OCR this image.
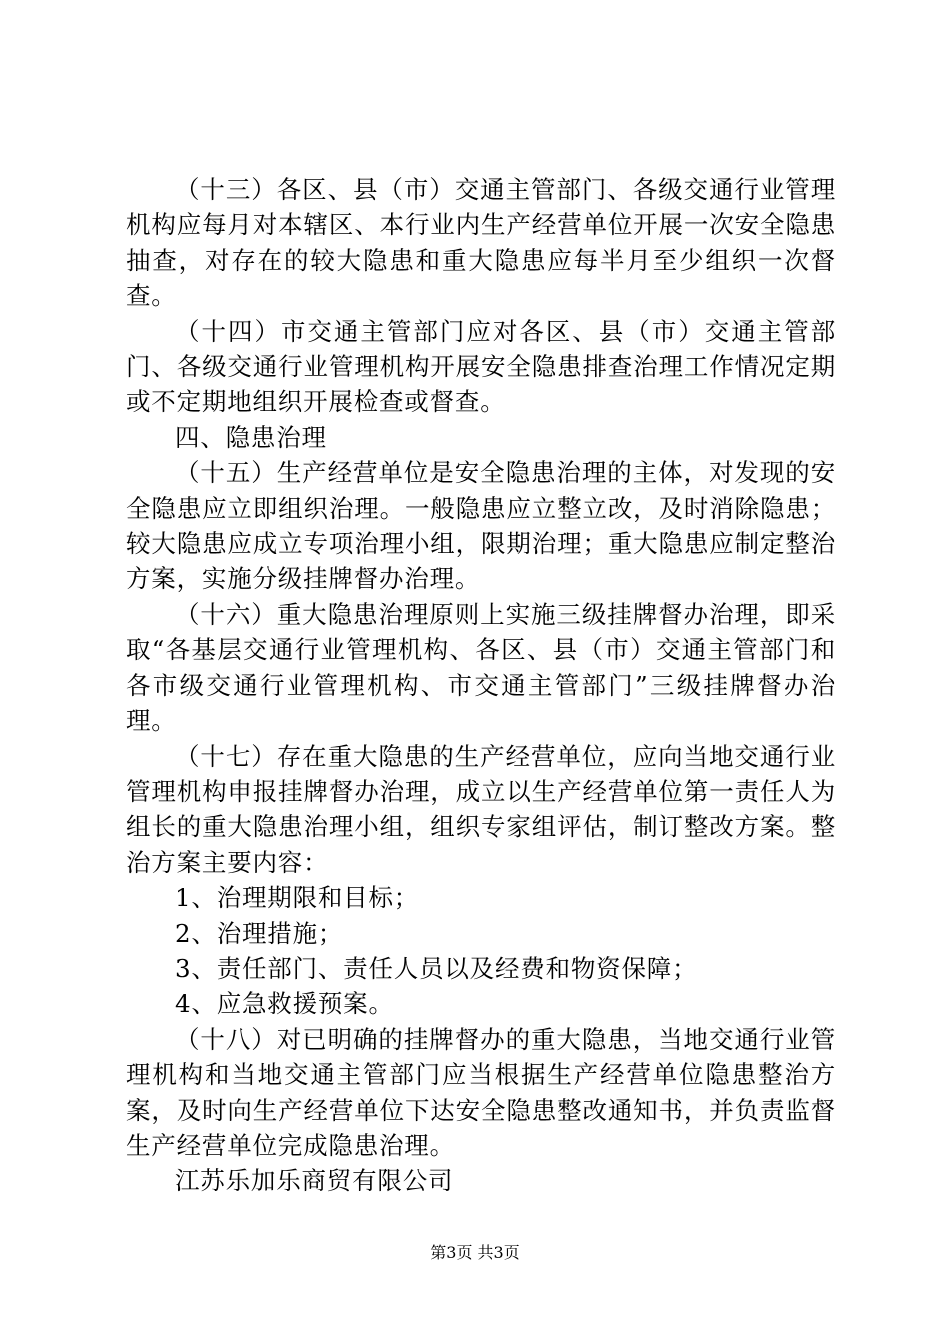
（十三）各区、县（市）交通主管部门、各级交通行业管理机构应每月对本辖区、本行业内生产经营单位开展一次安全隐患抽查，对存在的较大隐患和重大隐患应每半月至少组织一次督查。

（十四）市交通主管部门应对各区、县（市）交通主管部门、各级交通行业管理机构开展安全隐患排查治理工作情况定期或不定期地组织开展检查或督查。

四、隐患治理

（十五）生产经营单位是安全隐患治理的主体，对发现的安全隐患应立即组织治理。一般隐患应立整立改，及时消除隐患；较大隐患应成立专项治理小组，限期治理；重大隐患应制定整治方案，实施分级挂牌督办治理。

（十六）重大隐患治理原则上实施三级挂牌督办治理，即采取“各基层交通行业管理机构、各区、县（市）交通主管部门和各市级交通行业管理机构、市交通主管部门”三级挂牌督办治理。

（十七）存在重大隐患的生产经营单位，应向当地交通行业管理机构申报挂牌督办治理，成立以生产经营单位第一责任人为组长的重大隐患治理小组，组织专家组评估，制订整改方案。整治方案主要内容：

1、治理期限和目标；

2、治理措施；

3、责任部门、责任人员以及经费和物资保障；

4、应急救援预案。

（十八）对已明确的挂牌督办的重大隐患，当地交通行业管理机构和当地交通主管部门应当根据生产经营单位隐患整治方案，及时向生产经营单位下达安全隐患整改通知书，并负责监督生产经营单位完成隐患治理。

江苏乐加乐商贸有限公司

第3页 共3页
